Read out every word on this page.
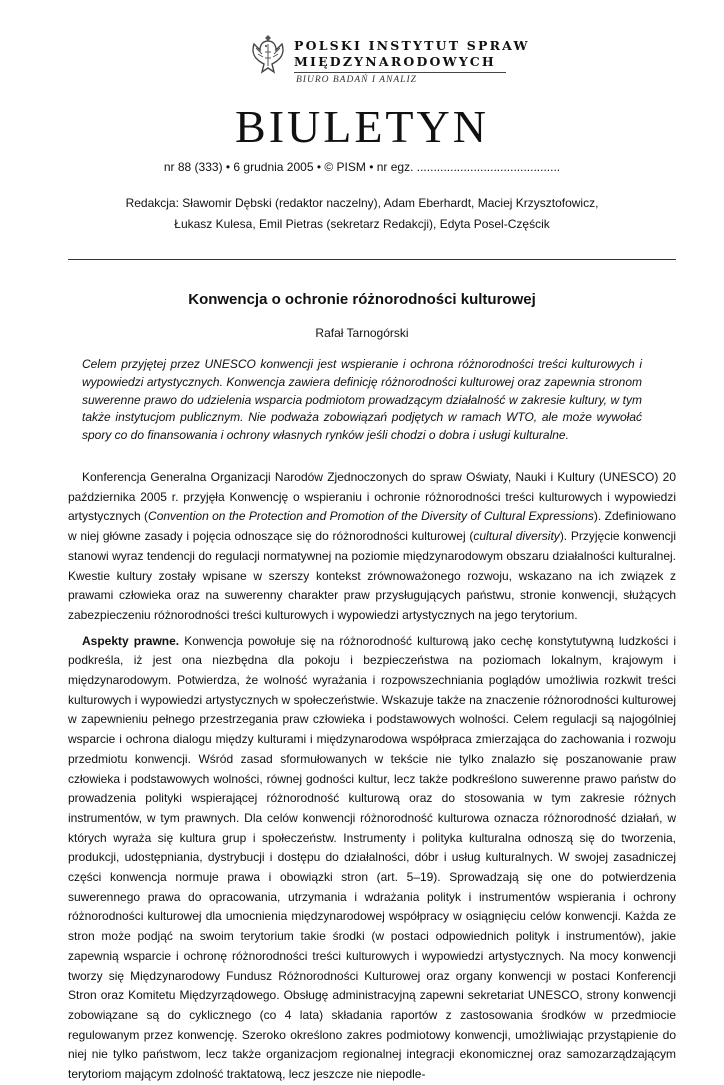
POLSKI INSTYTUT SPRAW
MIĘDZYNARODOWYCH
BIURO BADAŃ I ANALIZ
BIULETYN
nr 88 (333) • 6 grudnia 2005 • © PISM • nr egz. ...........................................
Redakcja: Sławomir Dębski (redaktor naczelny), Adam Eberhardt, Maciej Krzysztofowicz,
Łukasz Kulesa, Emil Pietras (sekretarz Redakcji), Edyta Posel-Częścik
Konwencja o ochronie różnorodności kulturowej
Rafał Tarnogórski

Celem przyjętej przez UNESCO konwencji jest wspieranie i ochrona różnorodności treści kulturowych i wypowiedzi artystycznych. Konwencja zawiera definicję różnorodności kulturowej oraz zapewnia stronom suwerenne prawo do udzielenia wsparcia podmiotom prowadzącym działalność w zakresie kultury, w tym także instytucjom publicznym. Nie podważa zobowiązań podjętych w ramach WTO, ale może wywołać spory co do finansowania i ochrony własnych rynków jeśli chodzi o dobra i usługi kulturalne.

Konferencja Generalna Organizacji Narodów Zjednoczonych do spraw Oświaty, Nauki i Kultury (UNESCO) 20 października 2005 r. przyjęła Konwencję o wspieraniu i ochronie różnorodności treści kulturowych i wypowiedzi artystycznych (Convention on the Protection and Promotion of the Diversity of Cultural Expressions). Zdefiniowano w niej główne zasady i pojęcia odnoszące się do różnorodności kulturowej (cultural diversity). Przyjęcie konwencji stanowi wyraz tendencji do regulacji normatywnej na poziomie międzynarodowym obszaru działalności kulturalnej. Kwestie kultury zostały wpisane w szerszy kontekst zrównoważonego rozwoju, wskazano na ich związek z prawami człowieka oraz na suwerenny charakter praw przysługujących państwu, stronie konwencji, służących zabezpieczeniu różnorodności treści kulturowych i wypowiedzi artystycznych na jego terytorium.

Aspekty prawne. Konwencja powołuje się na różnorodność kulturową jako cechę konstytutywną ludzkości i podkreśla, iż jest ona niezbędna dla pokoju i bezpieczeństwa na poziomach lokalnym, krajowym i międzynarodowym. Potwierdza, że wolność wyrażania i rozpowszechniania poglądów umożliwia rozkwit treści kulturowych i wypowiedzi artystycznych w społeczeństwie. Wskazuje także na znaczenie różnorodności kulturowej w zapewnieniu pełnego przestrzegania praw człowieka i podstawowych wolności. Celem regulacji są najogólniej wsparcie i ochrona dialogu między kulturami i międzynarodowa współpraca zmierzająca do zachowania i rozwoju przedmiotu konwencji. Wśród zasad sformułowanych w tekście nie tylko znalazło się poszanowanie praw człowieka i podstawowych wolności, równej godności kultur, lecz także podkreślono suwerenne prawo państw do prowadzenia polityki wspierającej różnorodność kulturową oraz do stosowania w tym zakresie różnych instrumentów, w tym prawnych. Dla celów konwencji różnorodność kulturowa oznacza różnorodność działań, w których wyraża się kultura grup i społeczeństw. Instrumenty i polityka kulturalna odnoszą się do tworzenia, produkcji, udostępniania, dystrybucji i dostępu do działalności, dóbr i usług kulturalnych. W swojej zasadniczej części konwencja normuje prawa i obowiązki stron (art. 5–19). Sprowadzają się one do potwierdzenia suwerennego prawa do opracowania, utrzymania i wdrażania polityk i instrumentów wspierania i ochrony różnorodności kulturowej dla umocnienia międzynarodowej współpracy w osiągnięciu celów konwencji. Każda ze stron może podjąć na swoim terytorium takie środki (w postaci odpowiednich polityk i instrumentów), jakie zapewnią wsparcie i ochronę różnorodności treści kulturowych i wypowiedzi artystycznych. Na mocy konwencji tworzy się Międzynarodowy Fundusz Różnorodności Kulturowej oraz organy konwencji w postaci Konferencji Stron oraz Komitetu Międzyrządowego. Obsługę administracyjną zapewni sekretariat UNESCO, strony konwencji zobowiązane są do cyklicznego (co 4 lata) składania raportów z zastosowania środków w przedmiocie regulowanym przez konwencję. Szeroko określono zakres podmiotowy konwencji, umożliwiając przystąpienie do niej nie tylko państwom, lecz także organizacjom regionalnej integracji ekonomicznej oraz samozarządzającym terytoriom mającym zdolność traktatową, lecz jeszcze nie niepodle-
